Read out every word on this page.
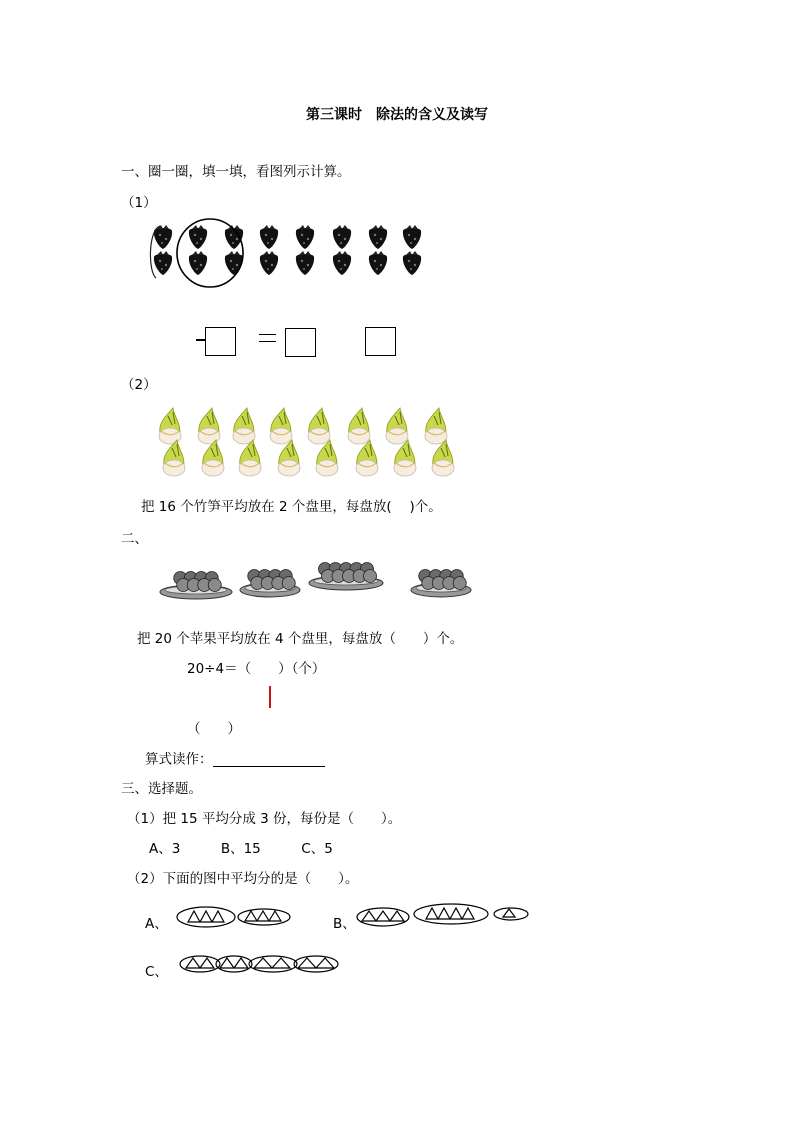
第三课时　除法的含义及读写
一、圈一圈，填一填，看图列示计算。
（1）
（2）
把 16 个竹笋平均放在 2 个盘里，每盘放(　 )个。
二、
把 20 个苹果平均放在 4 个盘里，每盘放（　　）个。
20÷4＝（　　）（个）
（　　）
算式读作：
三、选择题。
（1）把 15 平均分成 3 份，每份是（　　）。
A、3　　　B、15　　　C、5
（2）下面的图中平均分的是（　　）。
A、	B、
C、
